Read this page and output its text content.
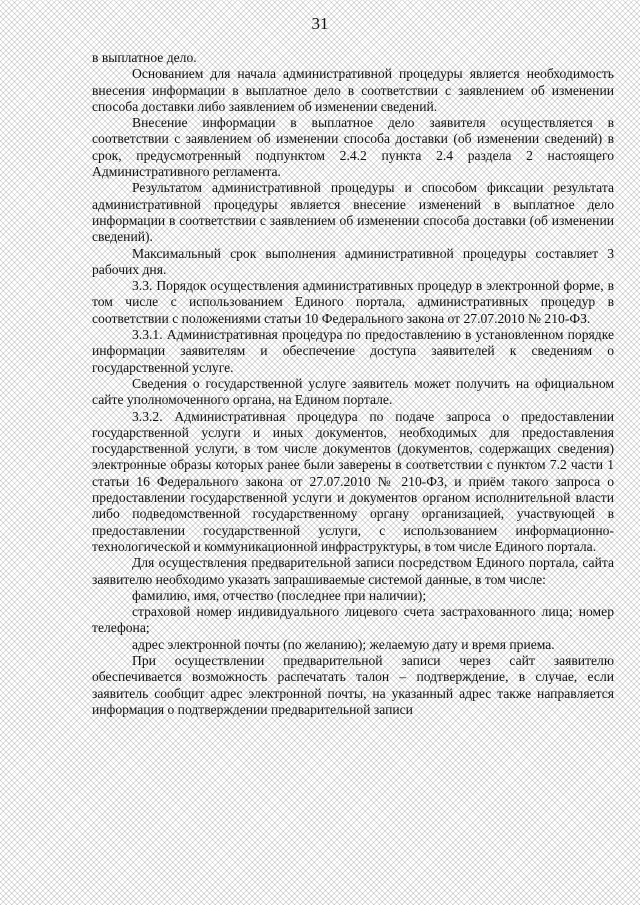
31

в выплатное дело.

Основанием для начала административной процедуры является необходимость внесения информации в выплатное дело в соответствии с заявлением об изменении способа доставки либо заявлением об изменении сведений.

Внесение информации в выплатное дело заявителя осуществляется в соответствии с заявлением об изменении способа доставки (об изменении сведений) в срок, предусмотренный подпунктом 2.4.2 пункта 2.4 раздела 2 настоящего Административного регламента.

Результатом административной процедуры и способом фиксации результата административной процедуры является внесение изменений в выплатное дело информации в соответствии с заявлением об изменении способа доставки (об изменении сведений).

Максимальный срок выполнения административной процедуры составляет 3 рабочих дня.

3.3. Порядок осуществления административных процедур в электронной форме, в том числе с использованием Единого портала, административных процедур в соответствии с положениями статьи 10 Федерального закона от 27.07.2010 № 210-ФЗ.

3.3.1. Административная процедура по предоставлению в установленном порядке информации заявителям и обеспечение доступа заявителей к сведениям о государственной услуге.

Сведения о государственной услуге заявитель может получить на официальном сайте уполномоченного органа, на Едином портале.

3.3.2. Административная процедура по подаче запроса о предоставлении государственной услуги и иных документов, необходимых для предоставления государственной услуги, в том числе документов (документов, содержащих сведения) электронные образы которых ранее были заверены в соответствии с пунктом 7.2 части 1 статьи 16 Федерального закона от 27.07.2010 № 210-ФЗ, и приём такого запроса о предоставлении государственной услуги и документов органом исполнительной власти либо подведомственной государственному органу организацией, участвующей в предоставлении государственной услуги, с использованием информационно-технологической и коммуникационной инфраструктуры, в том числе Единого портала.

Для осуществления предварительной записи посредством Единого портала, сайта заявителю необходимо указать запрашиваемые системой данные, в том числе:

фамилию, имя, отчество (последнее при наличии);

страховой номер индивидуального лицевого счета застрахованного лица; номер телефона;

адрес электронной почты (по желанию); желаемую дату и время приема.

При осуществлении предварительной записи через сайт заявителю обеспечивается возможность распечатать талон – подтверждение, в случае, если заявитель сообщит адрес электронной почты, на указанный адрес также направляется информация о подтверждении предварительной записи
